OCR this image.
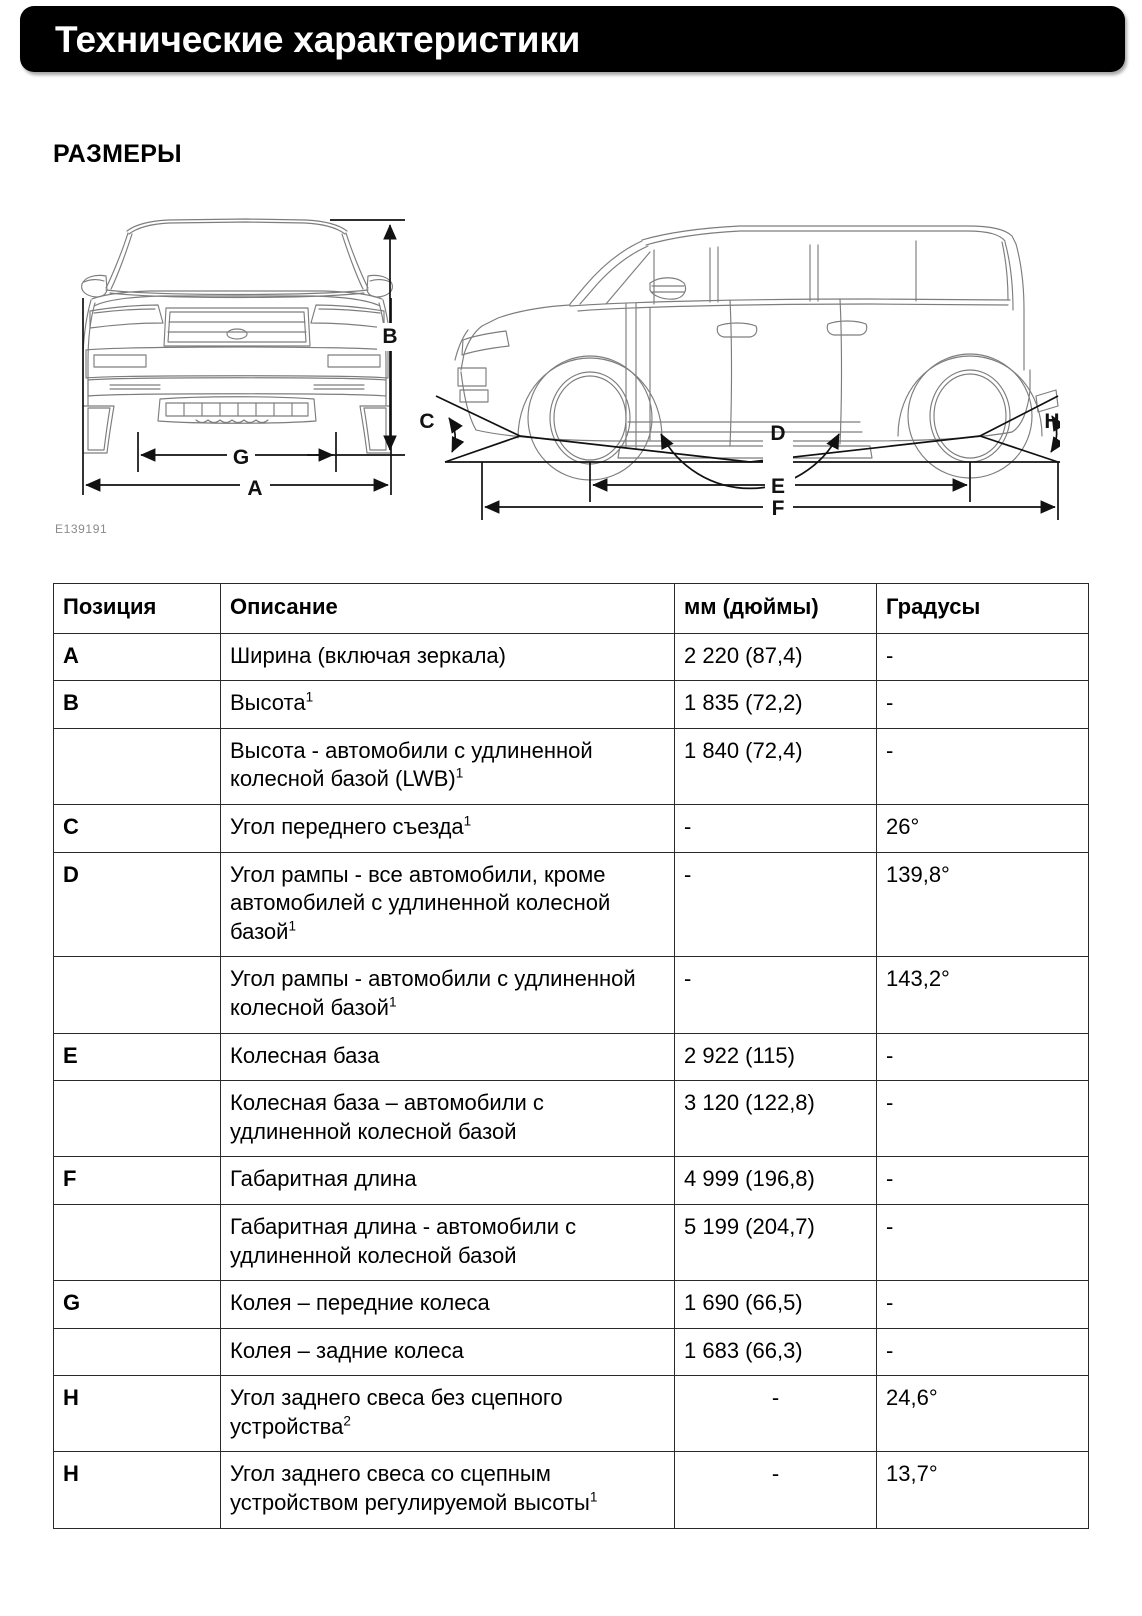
Технические характеристики
РАЗМЕРЫ
A
B
C
D
E
F
G
H
E139191
Позиция	Описание	мм (дюймы)	Градусы
A	Ширина (включая зеркала)	2 220 (87,4)	-
B	Высота$^1$	1 835 (72,2)	-
	Высота - автомобили с удлиненной колесной базой (LWB)$^1$	1 840 (72,4)	-
C	Угол переднего съезда$^1$	-	26°
D	Угол рампы - все автомобили, кроме автомобилей с удлиненной колесной базой$^1$	-	139,8°
	Угол рампы - автомобили с удлиненной колесной базой$^1$	-	143,2°
E	Колесная база	2 922 (115)	-
	Колесная база – автомобили с удлиненной колесной базой	3 120 (122,8)	-
F	Габаритная длина	4 999 (196,8)	-
	Габаритная длина - автомобили с удлиненной колесной базой	5 199 (204,7)	-
G	Колея – передние колеса	1 690 (66,5)	-
	Колея – задние колеса	1 683 (66,3)	-
H	Угол заднего свеса без сцепного устройства$^2$	-	24,6°
H	Угол заднего свеса со сцепным устройством регулируемой высоты$^1$	-	13,7°
